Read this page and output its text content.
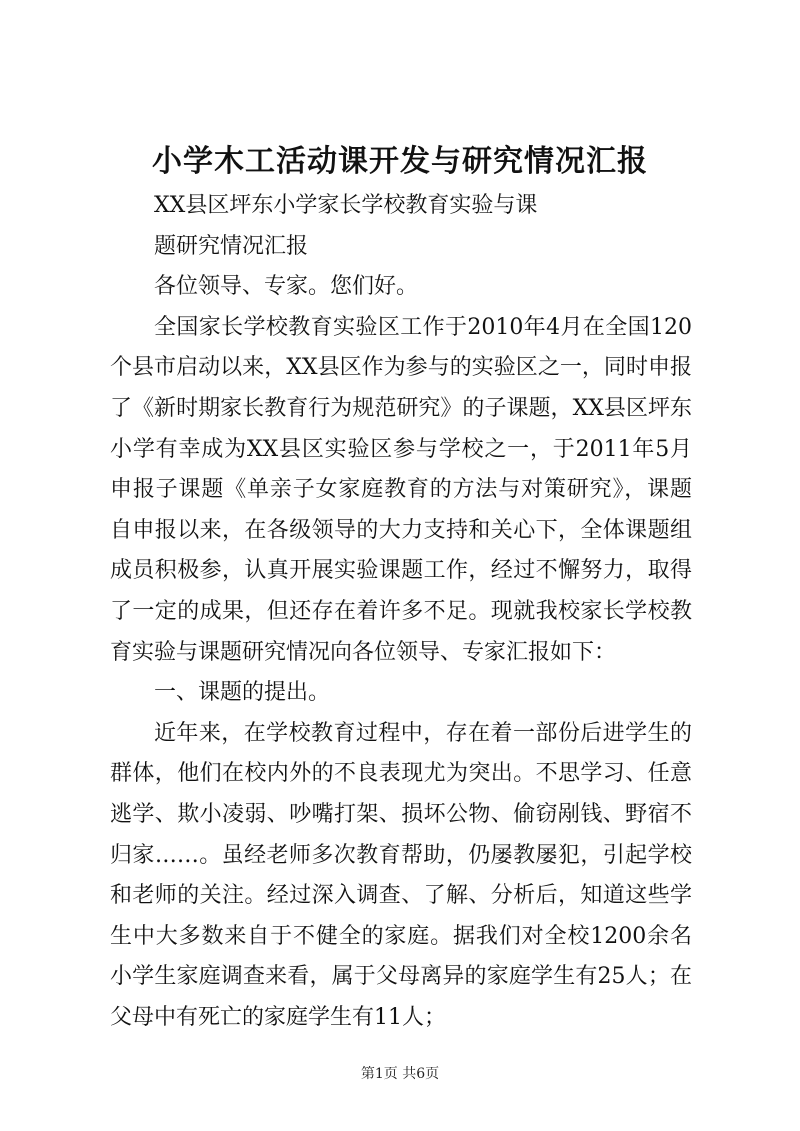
小学木工活动课开发与研究情况汇报
XX县区坪东小学家长学校教育实验与课
题研究情况汇报
各位领导、专家。您们好。

全国家长学校教育实验区工作于2010年4月在全国120个县市启动以来，XX县区作为参与的实验区之一，同时申报了《新时期家长教育行为规范研究》的子课题，XX县区坪东小学有幸成为XX县区实验区参与学校之一，于2011年5月申报子课题《单亲子女家庭教育的方法与对策研究》，课题自申报以来，在各级领导的大力支持和关心下，全体课题组成员积极参，认真开展实验课题工作，经过不懈努力，取得了一定的成果，但还存在着许多不足。现就我校家长学校教育实验与课题研究情况向各位领导、专家汇报如下：

一、课题的提出。

近年来，在学校教育过程中，存在着一部份后进学生的群体，他们在校内外的不良表现尤为突出。不思学习、任意逃学、欺小凌弱、吵嘴打架、损坏公物、偷窃剐钱、野宿不归家……。虽经老师多次教育帮助，仍屡教屡犯，引起学校和老师的关注。经过深入调查、了解、分析后，知道这些学生中大多数来自于不健全的家庭。据我们对全校1200余名小学生家庭调查来看，属于父母离异的家庭学生有25人；在父母中有死亡的家庭学生有11人；

第1页 共6页
